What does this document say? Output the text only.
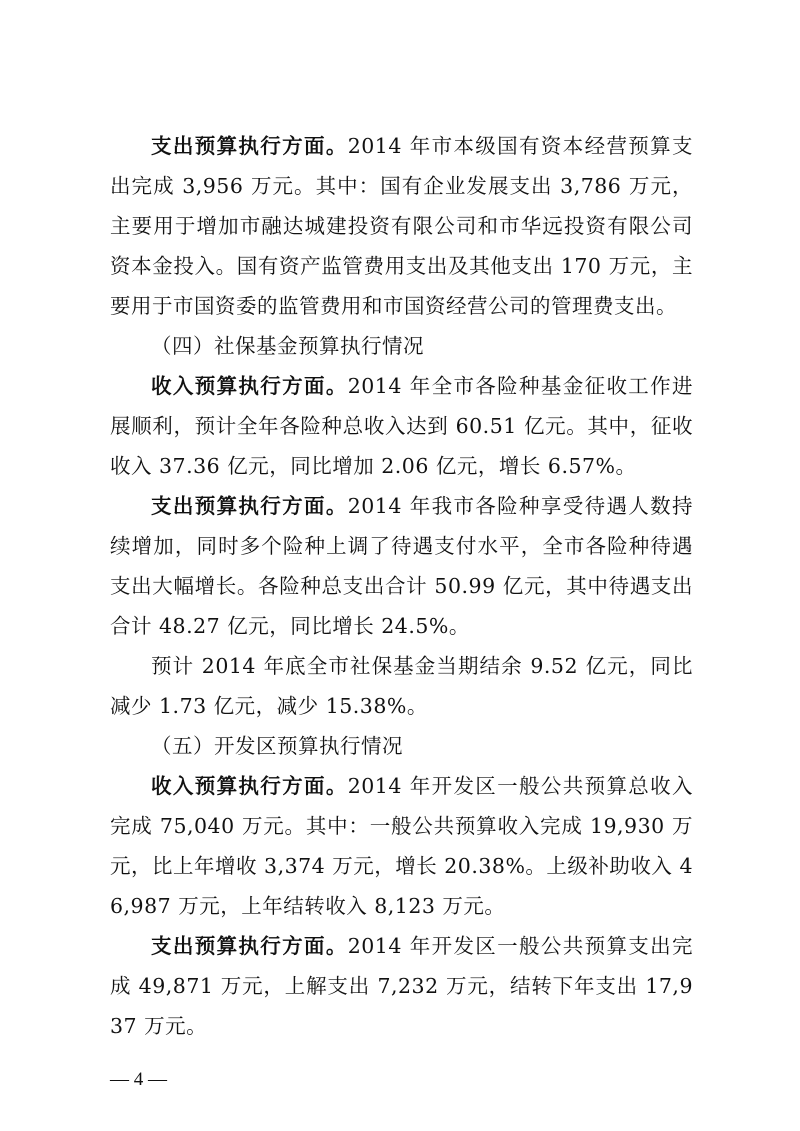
支出预算执行方面。2014 年市本级国有资本经营预算支出完成 3,956 万元。其中：国有企业发展支出 3,786 万元，主要用于增加市融达城建投资有限公司和市华远投资有限公司资本金投入。国有资产监管费用支出及其他支出 170 万元，主要用于市国资委的监管费用和市国资经营公司的管理费支出。

（四）社保基金预算执行情况

收入预算执行方面。2014 年全市各险种基金征收工作进展顺利，预计全年各险种总收入达到 60.51 亿元。其中，征收收入 37.36 亿元，同比增加 2.06 亿元，增长 6.57%。

支出预算执行方面。2014 年我市各险种享受待遇人数持续增加，同时多个险种上调了待遇支付水平，全市各险种待遇支出大幅增长。各险种总支出合计 50.99 亿元，其中待遇支出合计 48.27 亿元，同比增长 24.5%。

预计 2014 年底全市社保基金当期结余 9.52 亿元，同比减少 1.73 亿元，减少 15.38%。

（五）开发区预算执行情况

收入预算执行方面。2014 年开发区一般公共预算总收入完成 75,040 万元。其中：一般公共预算收入完成 19,930 万元，比上年增收 3,374 万元，增长 20.38%。上级补助收入 46,987 万元，上年结转收入 8,123 万元。

支出预算执行方面。2014 年开发区一般公共预算支出完成 49,871 万元，上解支出 7,232 万元，结转下年支出 17,937 万元。

— 4 —
